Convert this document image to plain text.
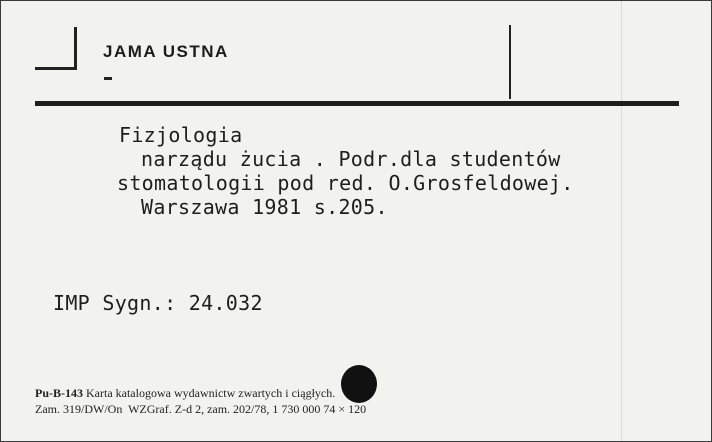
JAMA USTNA
Fizjologia
narządu żucia . Podr.dla studentów
stomatologii pod red. O.Grosfeldowej.
Warszawa 1981 s.205.
IMP Sygn.: 24.032
Pu-B-143 Karta katalogowa wydawnictw zwartych i ciągłych.
Zam. 319/DW/On  WZGraf. Z-d 2, zam. 202/78, 1 730 000 74 × 120
